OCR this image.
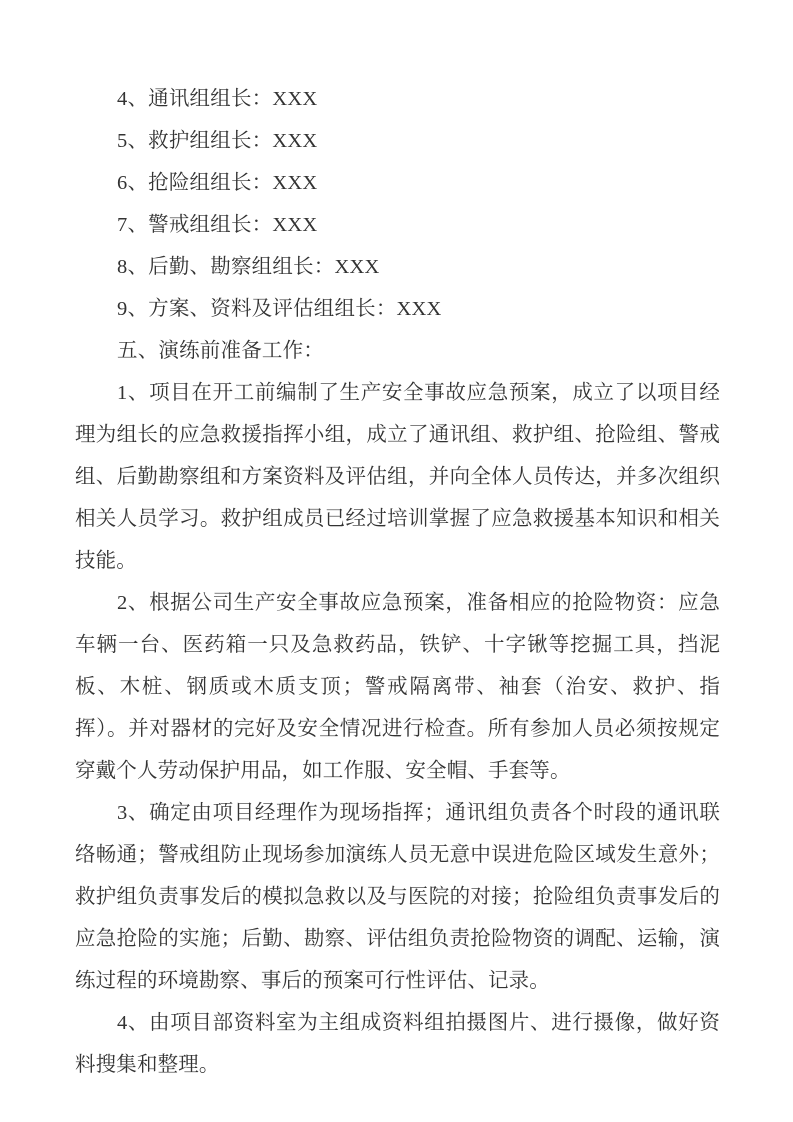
4、通讯组组长：XXX
5、救护组组长：XXX
6、抢险组组长：XXX
7、警戒组组长：XXX
8、后勤、勘察组组长：XXX
9、方案、资料及评估组组长：XXX
五、演练前准备工作：

1、项目在开工前编制了生产安全事故应急预案，成立了以项目经理为组长的应急救援指挥小组，成立了通讯组、救护组、抢险组、警戒组、后勤勘察组和方案资料及评估组，并向全体人员传达，并多次组织相关人员学习。救护组成员已经过培训掌握了应急救援基本知识和相关技能。

2、根据公司生产安全事故应急预案，准备相应的抢险物资：应急车辆一台、医药箱一只及急救药品，铁铲、十字锹等挖掘工具，挡泥板、木桩、钢质或木质支顶；警戒隔离带、袖套（治安、救护、指挥）。并对器材的完好及安全情况进行检查。所有参加人员必须按规定穿戴个人劳动保护用品，如工作服、安全帽、手套等。

3、确定由项目经理作为现场指挥；通讯组负责各个时段的通讯联络畅通；警戒组防止现场参加演练人员无意中误进危险区域发生意外；救护组负责事发后的模拟急救以及与医院的对接；抢险组负责事发后的应急抢险的实施；后勤、勘察、评估组负责抢险物资的调配、运输，演练过程的环境勘察、事后的预案可行性评估、记录。

4、由项目部资料室为主组成资料组拍摄图片、进行摄像，做好资料搜集和整理。
